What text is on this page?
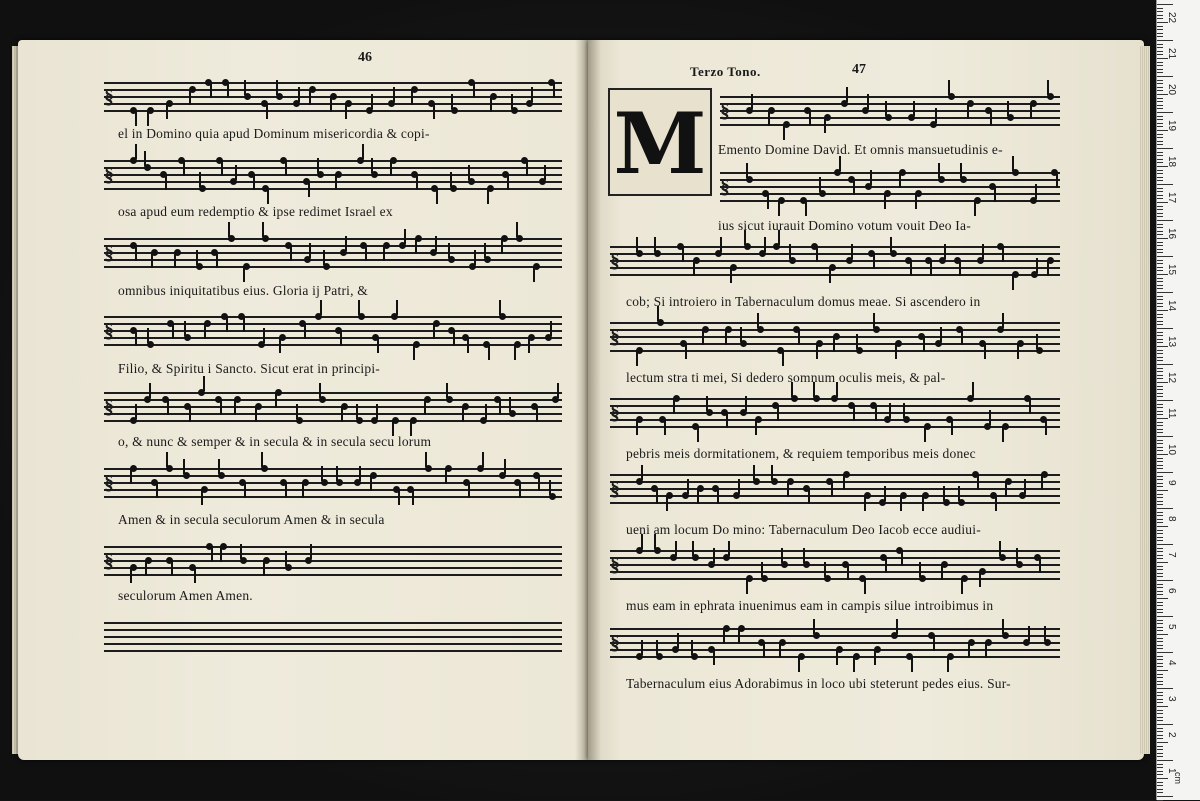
46
Terzo Tono.	47
§
§
§
§
§
§
§
el in Domino quia apud Dominum misericordia & copi-
osa apud eum redemptio & ipse redimet Israel ex
omnibus iniquitatibus eius. Gloria ij Patri, &
Filio, & Spiritu i Sancto. Sicut erat in principi-
o, & nunc & semper & in secula & in secula secu lorum
Amen & in secula seculorum Amen & in secula
seculorum Amen Amen.
M §
§
§
§
§
§
§
§
Emento Domine David. Et omnis mansuetudinis e-
ius sicut iurauit Domino votum vouit Deo Ia-
cob; Si introiero in Tabernaculum domus meae. Si ascendero in
lectum stra ti mei, Si dedero somnum oculis meis, & pal-
pebris meis dormitationem, & requiem temporibus meis donec
ueni am locum Do mino: Tabernaculum Deo Iacob ecce audiui-
mus eam in ephrata inuenimus eam in campis silue introibimus in
Tabernaculum eius Adorabimus in loco ubi steterunt pedes eius. Sur-
22
21
20
19
18
17
16
15
14
13
12
11
10
9
8
7
6
5
4
3
2
1
cm
